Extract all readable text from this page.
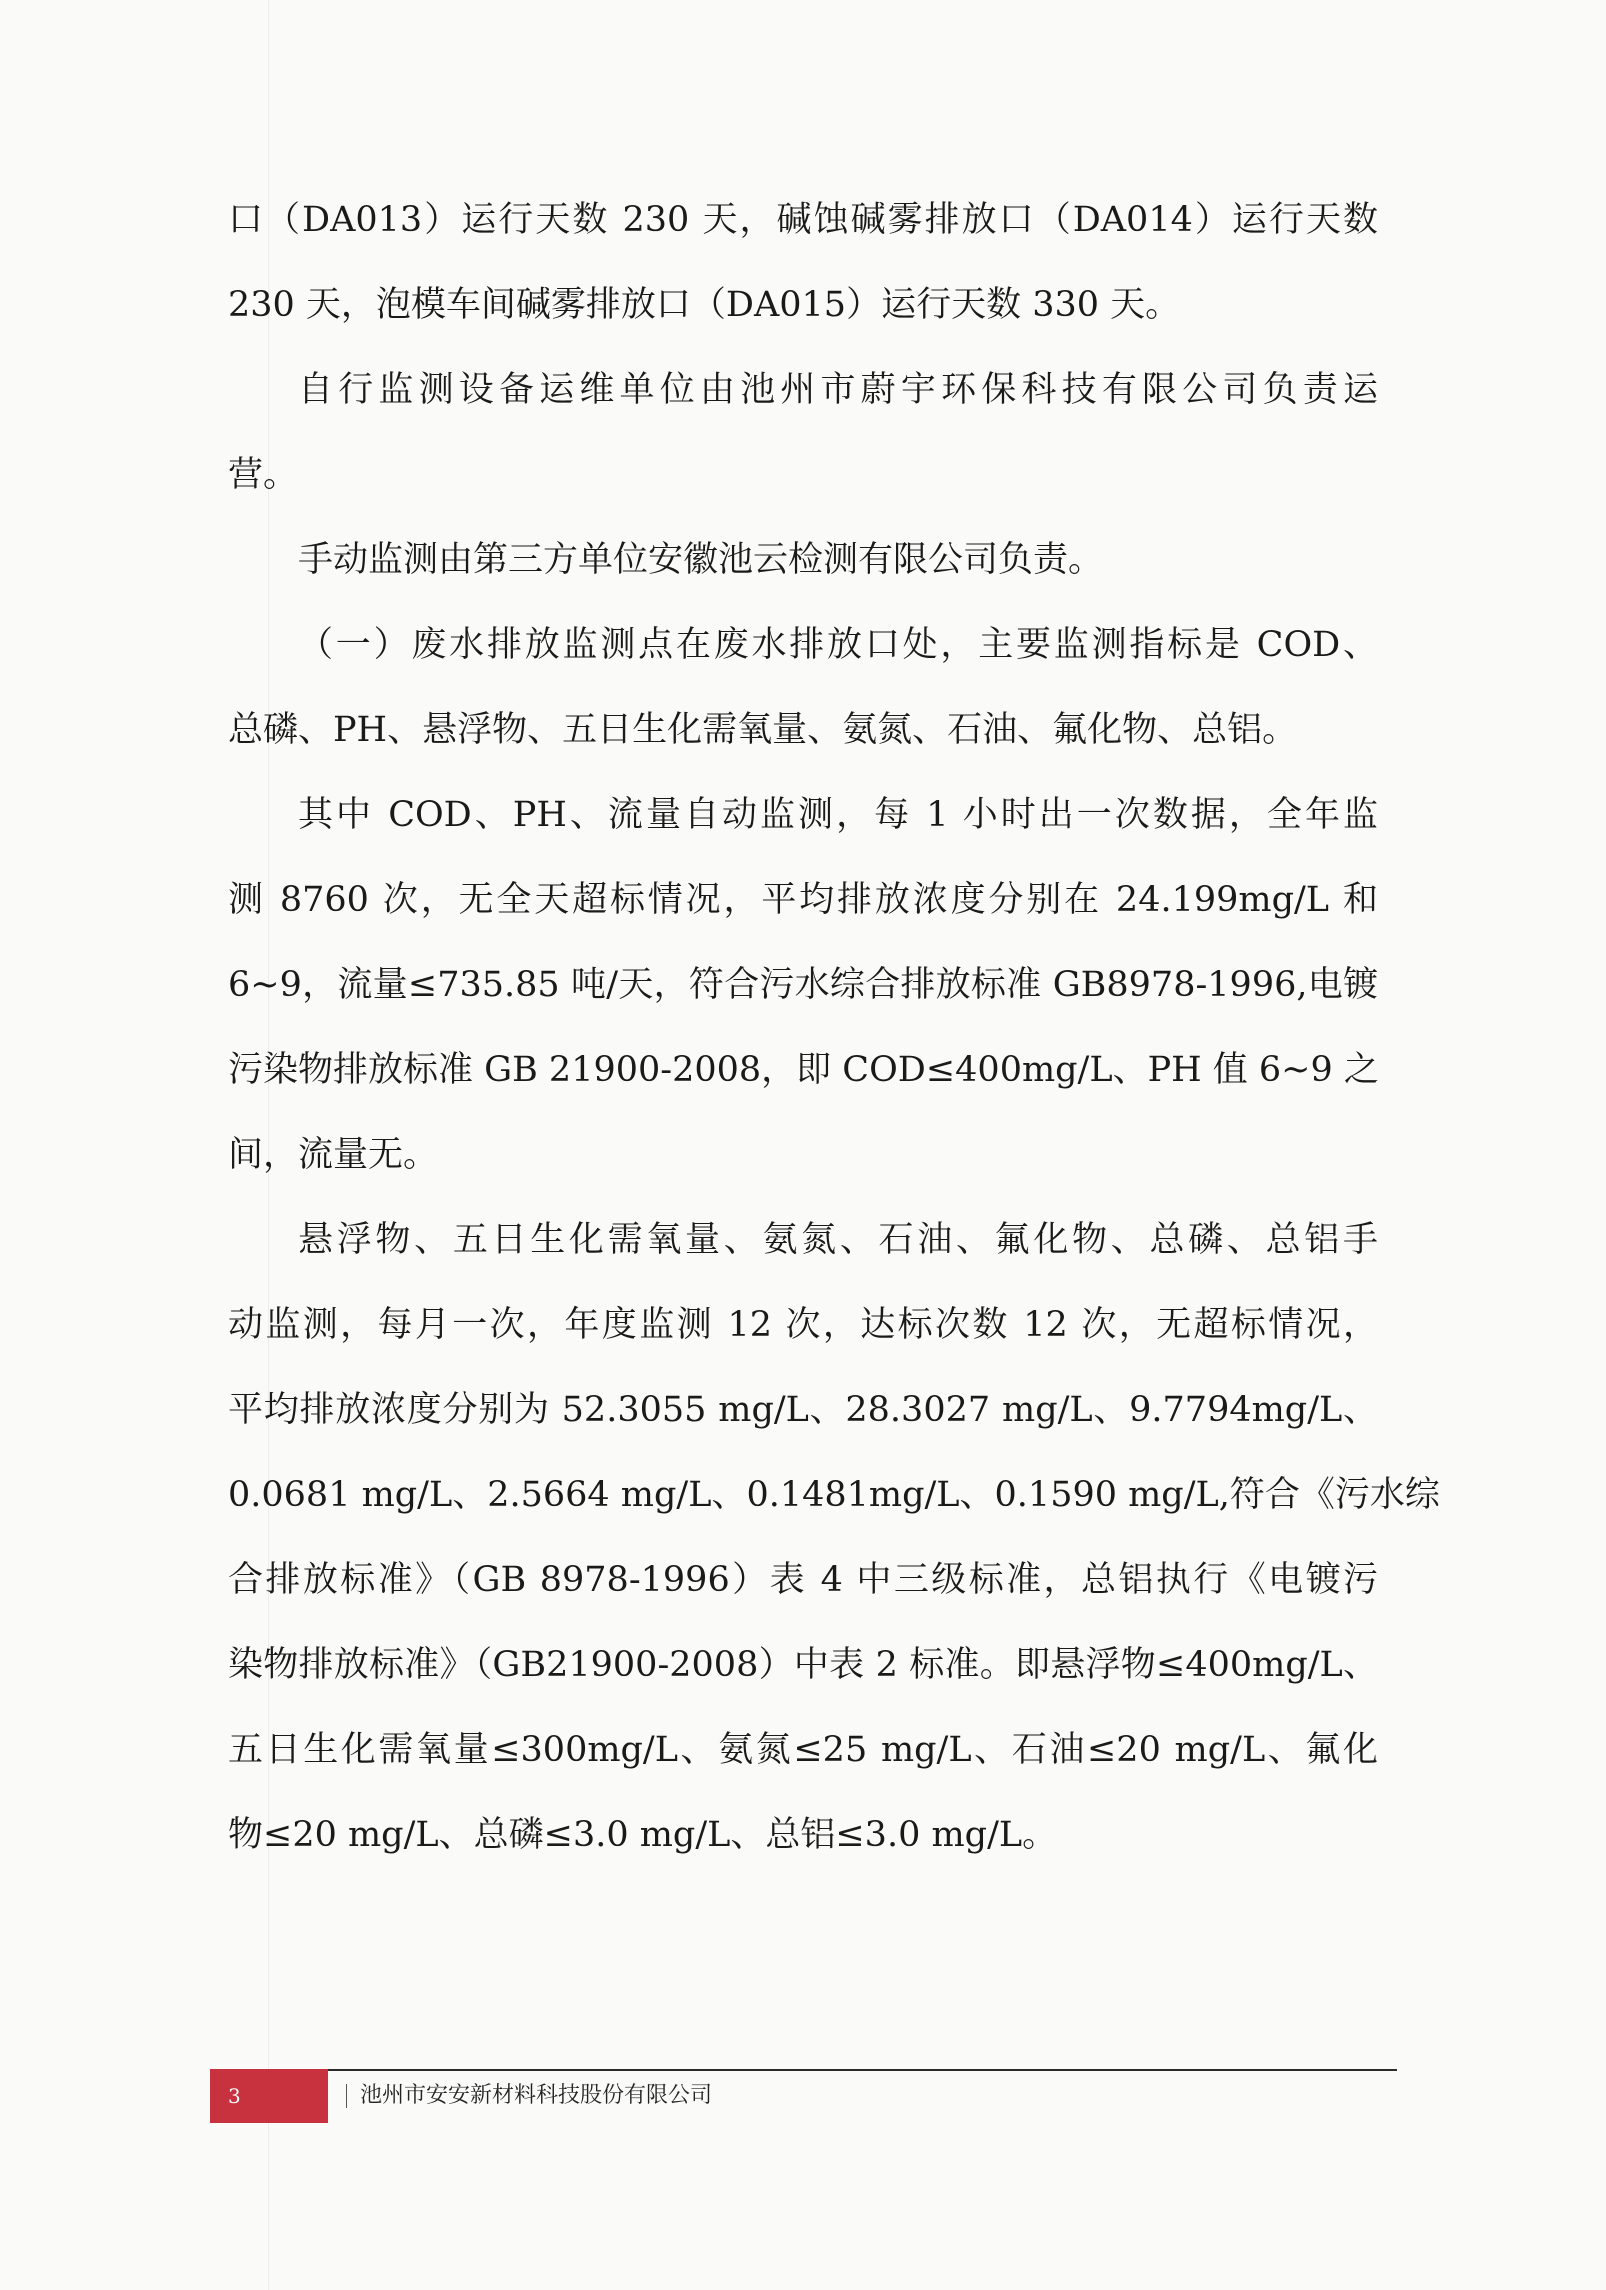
口（DA013）运行天数 230 天，碱蚀碱雾排放口（DA014）运行天数
230 天，泡模车间碱雾排放口（DA015）运行天数 330 天。
自行监测设备运维单位由池州市蔚宇环保科技有限公司负责运
营。
手动监测由第三方单位安徽池云检测有限公司负责。
（一）废水排放监测点在废水排放口处，主要监测指标是 COD、
总磷、PH、悬浮物、五日生化需氧量、氨氮、石油、氟化物、总铝。
其中 COD、PH、流量自动监测，每 1 小时出一次数据，全年监
测 8760 次，无全天超标情况，平均排放浓度分别在 24.199mg/L 和
6~9，流量≤735.85 吨/天，符合污水综合排放标准 GB8978-1996,电镀
污染物排放标准 GB 21900-2008，即 COD≤400mg/L、PH 值 6~9 之
间，流量无。
悬浮物、五日生化需氧量、氨氮、石油、氟化物、总磷、总铝手
动监测，每月一次，年度监测 12 次，达标次数 12 次，无超标情况，
平均排放浓度分别为 52.3055 mg/L、28.3027 mg/L、9.7794mg/L、
0.0681 mg/L、2.5664 mg/L、0.1481mg/L、0.1590 mg/L,符合《污水综
合排放标准》（GB 8978-1996）表 4 中三级标准，总铝执行《电镀污
染物排放标准》（GB21900-2008）中表 2 标准。即悬浮物≤400mg/L、
五日生化需氧量≤300mg/L、氨氮≤25 mg/L、石油≤20 mg/L、氟化
物≤20 mg/L、总磷≤3.0 mg/L、总铝≤3.0 mg/L。
3	池州市安安新材料科技股份有限公司
